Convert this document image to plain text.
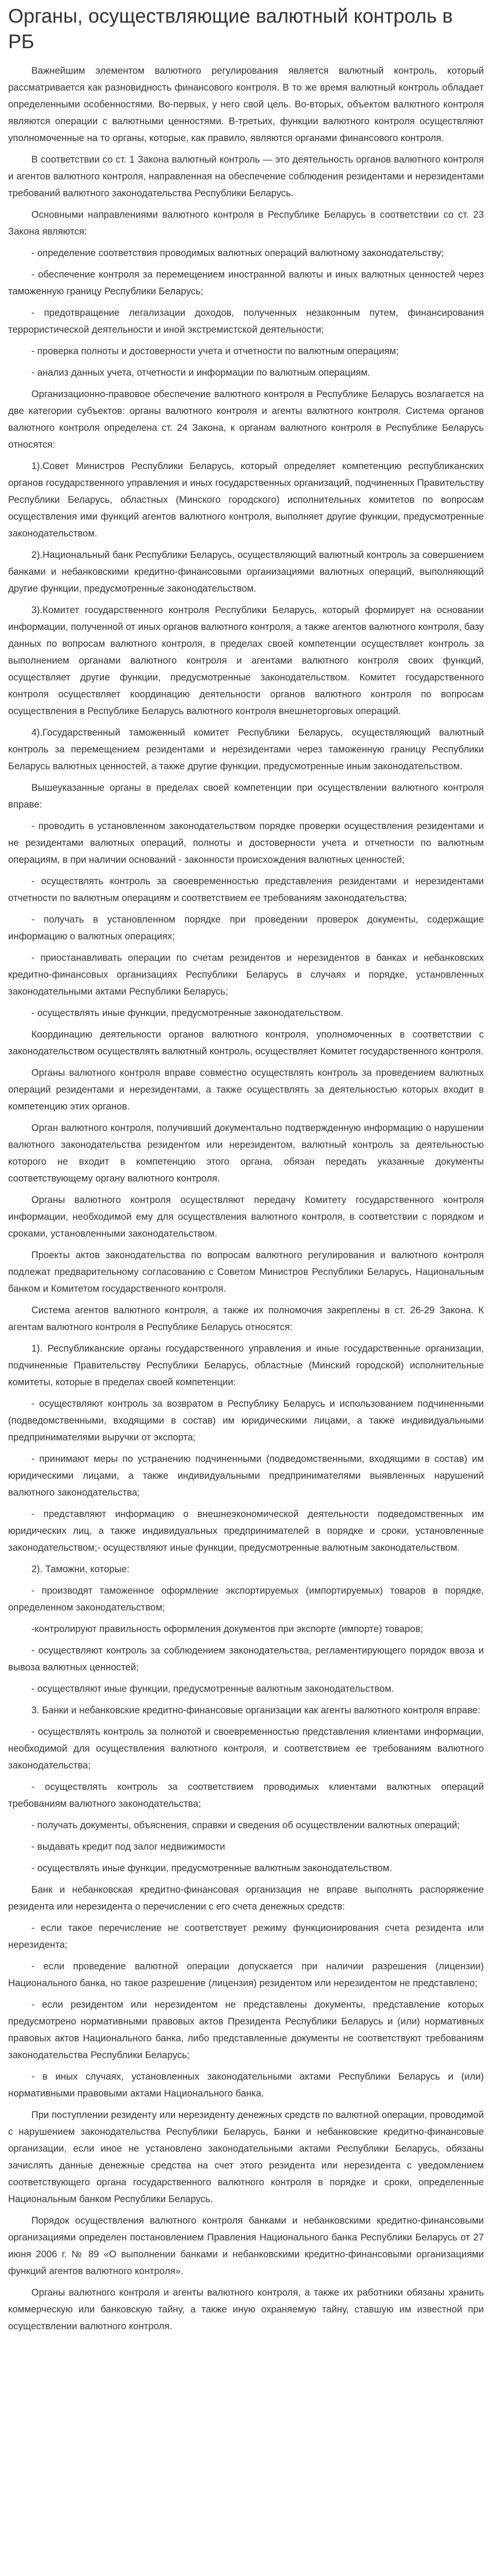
Органы, осуществляющие валютный контроль в РБ

Важнейшим элементом валютного регулирования является валютный контроль, который рассматривается как разновидность финансового контроля. В то же время валютный контроль обладает определенными особенностями. Во-первых, у него свой цель. Во-вторых, объектом валютного контроля являются операции с валютными ценностями. В-третьих, функции валютного контроля осуществляют уполномоченные на то органы, которые, как правило, являются органами финансового контроля.

В соответствии со ст. 1 Закона валютный контроль — это деятельность органов валютного контроля и агентов валютного контроля, направленная на обеспечение соблюдения резидентами и нерезидентами требований валютного законодательства Республики Беларусь.

Основными направлениями валютного контроля в Республике Беларусь в соответствии со ст. 23 Закона являются:

- определение соответствия проводимых валютных операций валютному законодательству;

- обеспечение контроля за перемещением иностранной валюты и иных валютных ценностей через таможенную границу Республики Беларусь;

- предотвращение легализации доходов, полученных незаконным путем, финансирования террористической деятельности и иной экстремистской деятельности;

- проверка полноты и достоверности учета и отчетности по валютным операциям;

- анализ данных учета, отчетности и информации по валютным операциям.

Организационно-правовое обеспечение валютного контроля в Республике Беларусь возлагается на две категории субъектов: органы валютного контроля и агенты валютного контроля. Система органов валютного контроля определена ст. 24 Закона, к органам валютного контроля в Республике Беларусь относятся:

1).Совет Министров Республики Беларусь, который определяет компетенцию республиканских органов государственного управления и иных государственных организаций, подчиненных Правительству Республики Беларусь, областных (Минского городского) исполнительных комитетов по вопросам осуществления ими функций агентов валютного контроля, выполняет другие функции, предусмотренные законодательством.

2).Национальный банк Республики Беларусь, осуществляющий валютный контроль за совершением банками и небанковскими кредитно-финансовыми организациями валютных операций, выполняющий другие функции, предусмотренные законодательством.

3).Комитет государственного контроля Республики Беларусь, который формирует на основании информации, полученной от иных органов валютного контроля, а также агентов валютного контроля, базу данных по вопросам валютного контроля, в пределах своей компетенции осуществляет контроль за выполнением органами валютного контроля и агентами валютного контроля своих функций, осуществляет другие функции, предусмотренные законодательством. Комитет государственного контроля осуществляет координацию деятельности органов валютного контроля по вопросам осуществления в Республике Беларусь валютного контроля внешнеторговых операций.

4).Государственный таможенный комитет Республики Беларусь, осуществляющий валютный контроль за перемещением резидентами и нерезидентами через таможенную границу Республики Беларусь валютных ценностей, а также другие функции, предусмотренные иным законодательством.

Вышеуказанные органы в пределах своей компетенции при осуществлении валютного контроля вправе:

- проводить в установленном законодательством порядке проверки осуществления резидентами и не резидентами валютных операций, полноты и достоверности учета и отчетности по валютным операциям, в при наличии оснований - законности происхождения валютных ценностей;

- осуществлять контроль за своевременностью представления резидентами и нерезидентами отчетности по валютным операциям и соответствием ее требованиям законодательства;

- получать в установленном порядке при проведении проверок документы, содержащие информацию о валютных операциях;

- приостанавливать операции по счетам резидентов и нерезидентов в банках и небанковских кредитно-финансовых организациях Республики Беларусь в случаях и порядке, установленных законодательными актами Республики Беларусь;

- осуществлять иные функции, предусмотренные законодательством.

Координацию деятельности органов валютного контроля, уполномоченных в соответствии с законодательством осуществлять валютный контроль, осуществляет Комитет государственного контроля.

Органы валютного контроля вправе совместно осуществлять контроль за проведением валютных операций резидентами и нерезидентами, а также осуществлять за деятельностью которых входит в компетенцию этих органов.

Орган валютного контроля, получивший документально подтвержденную информацию о нарушении валютного законодательства резидентом или нерезидентом, валютный контроль за деятельностью которого не входит в компетенцию этого органа, обязан передать указанные документы соответствующему органу валютного контроля.

Органы валютного контроля осуществляют передачу Комитету государственного контроля информации, необходимой ему для осуществления валютного контроля, в соответствии с порядком и сроками, установленными законодательством.

Проекты актов законодательства по вопросам валютного регулирования и валютного контроля подлежат предварительному согласованию с Советом Министров Республики Беларусь, Национальным банком и Комитетом государственного контроля.

Система агентов валютного контроля, а также их полномочия закреплены в ст. 26-29 Закона. К агентам валютного контроля в Республике Беларусь относятся:

1). Республиканские органы государственного управления и иные государственные организации, подчиненные Правительству Республики Беларусь, областные (Минский городской) исполнительные комитеты, которые в пределах своей компетенции:

- осуществляют контроль за возвратом в Республику Беларусь и использованием подчиненными (подведомственными, входящими в состав) им юридическими лицами, а также индивидуальными предпринимателями выручки от экспорта;

- принимают меры по устранению подчиненными (подведомственными, входящими в состав) им юридическими лицами, а также индивидуальными предпринимателями выявленных нарушений валютного законодательства;

- представляют информацию о внешнеэкономической деятельности подведомственных им юридических лиц, а также индивидуальных предпринимателей в порядке и сроки, установленные законодательством;- осуществляют иные функции, предусмотренные валютным законодательством.

2). Таможни, которые:

- производят таможенное оформление экспортируемых (импортируемых) товаров в порядке, определенном законодательством;

-контролируют правильность оформления документов при экспорте (импорте) товаров;

- осуществляют контроль за соблюдением законодательства, регламентирующего порядок ввоза и вывоза валютных ценностей;

- осуществляют иные функции, предусмотренные валютным законодательством.

3. Банки и небанковские кредитно-финансовые организации как агенты валютного контроля вправе:

- осуществлять контроль за полнотой и своевременностью представления клиентами информации, необходимой для осуществления валютного контроля, и соответствием ее требованиям валютного законодательства;

- осуществлять контроль за соответствием проводимых клиентами валютных операций требованиям валютного законодательства;

- получать документы, объяснения, справки и сведения об осуществлении валютных операций;

- выдавать кредит под залог недвижимости

- осуществлять иные функции, предусмотренные валютным законодательством.

Банк и небанковская кредитно-финансовая организация не вправе выполнять распоряжение резидента или нерезидента о перечислении с его счета денежных средств:

- если такое перечисление не соответствует режиму функционирования счета резидента или нерезидента;

- если проведение валютной операции допускается при наличии разрешения (лицензии) Национального банка, но такое разрешение (лицензия) резидентом или нерезидентом не представлено;

- если резидентом или нерезидентом не представлены документы, представление которых предусмотрено нормативными правовых актов Президента Республики Беларусь и (или) нормативных правовых актов Национального банка, либо представленные документы не соответствуют требованиям законодательства Республики Беларусь;

- в иных случаях, установленных законодательными актами Республики Беларусь и (или) нормативными правовыми актами Национального банка.

При поступлении резиденту или нерезиденту денежных средств по валютной операции, проводимой с нарушением законодательства Республики Беларусь, Банки и небанковские кредитно-финансовые организации, если иное не установлено законодательными актами Республики Беларусь, обязаны зачислять данные денежные средства на счет этого резидента или нерезидента с уведомлением соответствующего органа государственного валютного контроля в порядке и сроки, определенные Национальным банком Республики Беларусь.

Порядок осуществления валютного контроля банками и небанковскими кредитно-финансовыми организациями определен постановлением Правления Национального банка Республики Беларусь от 27 июня 2006 г. № 89 «О выполнении банками и небанковскими кредитно-финансовыми организациями функций агентов валютного контроля».

Органы валютного контроля и агенты валютного контроля, а также их работники обязаны хранить коммерческую или банковскую тайну, а также иную охраняемую тайну, ставшую им известной при осуществлении валютного контроля.
